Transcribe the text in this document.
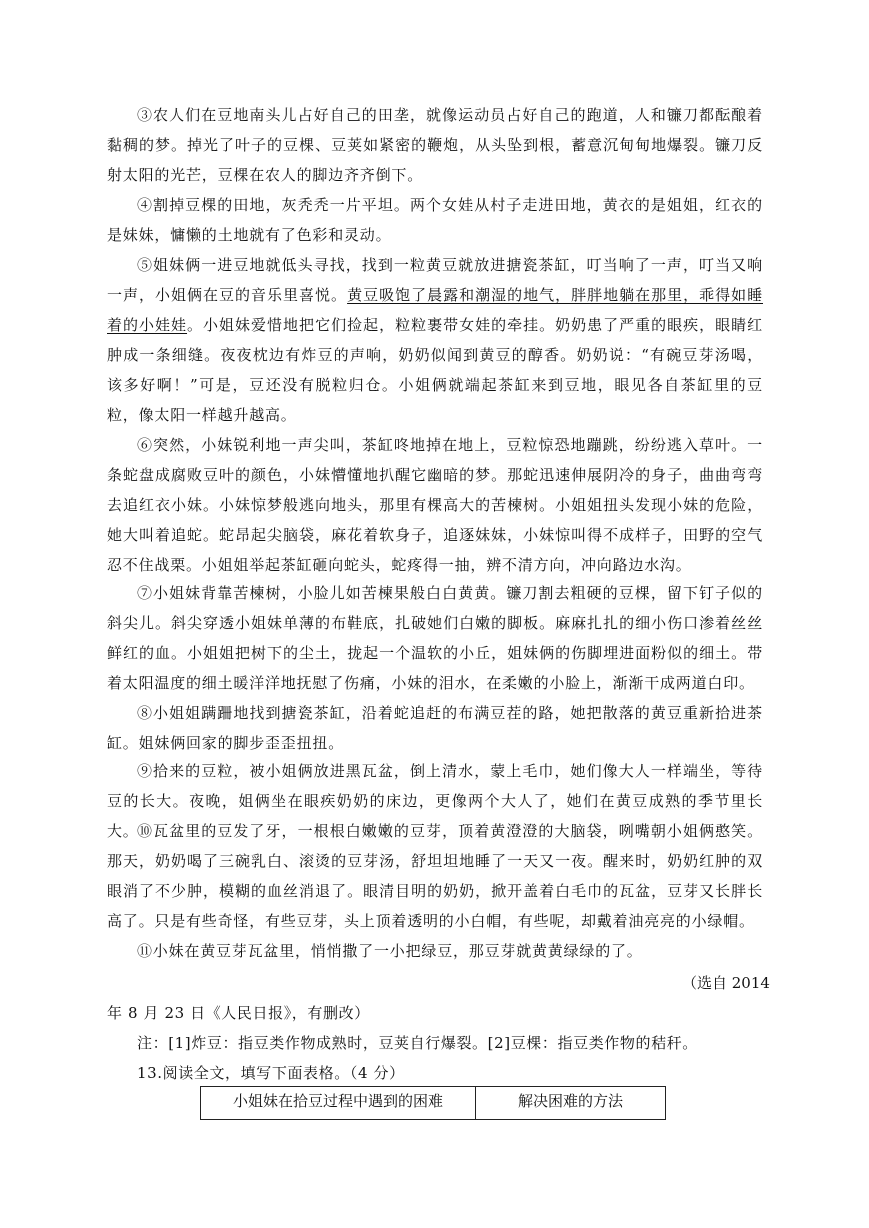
③农人们在豆地南头儿占好自己的田垄，就像运动员占好自己的跑道，人和镰刀都酝酿着黏稠的梦。掉光了叶子的豆棵、豆荚如紧密的鞭炮，从头坠到根，蓄意沉甸甸地爆裂。镰刀反射太阳的光芒，豆棵在农人的脚边齐齐倒下。

④割掉豆棵的田地，灰秃秃一片平坦。两个女娃从村子走进田地，黄衣的是姐姐，红衣的是妹妹，慵懒的土地就有了色彩和灵动。

⑤姐妹俩一进豆地就低头寻找，找到一粒黄豆就放进搪瓷茶缸，叮当响了一声，叮当又响一声，小姐俩在豆的音乐里喜悦。黄豆吸饱了晨露和潮湿的地气，胖胖地躺在那里，乖得如睡着的小娃娃。小姐妹爱惜地把它们捡起，粒粒裹带女娃的牵挂。奶奶患了严重的眼疾，眼睛红肿成一条细缝。夜夜枕边有炸豆的声响，奶奶似闻到黄豆的醇香。奶奶说：“有碗豆芽汤喝，该多好啊！”可是，豆还没有脱粒归仓。小姐俩就端起茶缸来到豆地，眼见各自茶缸里的豆粒，像太阳一样越升越高。

⑥突然，小妹锐利地一声尖叫，茶缸咚地掉在地上，豆粒惊恐地蹦跳，纷纷逃入草叶。一条蛇盘成腐败豆叶的颜色，小妹懵懂地扒醒它幽暗的梦。那蛇迅速伸展阴冷的身子，曲曲弯弯去追红衣小妹。小妹惊梦般逃向地头，那里有棵高大的苦楝树。小姐姐扭头发现小妹的危险，她大叫着追蛇。蛇昂起尖脑袋，麻花着软身子，追逐妹妹，小妹惊叫得不成样子，田野的空气忍不住战栗。小姐姐举起茶缸砸向蛇头，蛇疼得一抽，辨不清方向，冲向路边水沟。

⑦小姐妹背靠苦楝树，小脸儿如苦楝果般白白黄黄。镰刀割去粗硬的豆棵，留下钉子似的斜尖儿。斜尖穿透小姐妹单薄的布鞋底，扎破她们白嫩的脚板。麻麻扎扎的细小伤口渗着丝丝鲜红的血。小姐姐把树下的尘土，拢起一个温软的小丘，姐妹俩的伤脚埋进面粉似的细土。带着太阳温度的细土暖洋洋地抚慰了伤痛，小妹的泪水，在柔嫩的小脸上，渐渐干成两道白印。

⑧小姐姐蹒跚地找到搪瓷茶缸，沿着蛇追赶的布满豆茬的路，她把散落的黄豆重新拾进茶缸。姐妹俩回家的脚步歪歪扭扭。

⑨拾来的豆粒，被小姐俩放进黑瓦盆，倒上清水，蒙上毛巾，她们像大人一样端坐，等待豆的长大。夜晚，姐俩坐在眼疾奶奶的床边，更像两个大人了，她们在黄豆成熟的季节里长大。

⑩瓦盆里的豆发了牙，一根根白嫩嫩的豆芽，顶着黄澄澄的大脑袋，咧嘴朝小姐俩憨笑。那天，奶奶喝了三碗乳白、滚烫的豆芽汤，舒坦坦地睡了一天又一夜。醒来时，奶奶红肿的双眼消了不少肿，模糊的血丝消退了。眼清目明的奶奶，掀开盖着白毛巾的瓦盆，豆芽又长胖长高了。只是有些奇怪，有些豆芽，头上顶着透明的小白帽，有些呢，却戴着油亮亮的小绿帽。

⑪小妹在黄豆芽瓦盆里，悄悄撒了一小把绿豆，那豆芽就黄黄绿绿的了。

（选自 2014
年 8 月 23 日《人民日报》，有删改）
注：[1]炸豆：指豆类作物成熟时，豆荚自行爆裂。[2]豆棵：指豆类作物的秸秆。
13.阅读全文，填写下面表格。（4 分）
小姐妹在拾豆过程中遇到的困难	解决困难的方法
